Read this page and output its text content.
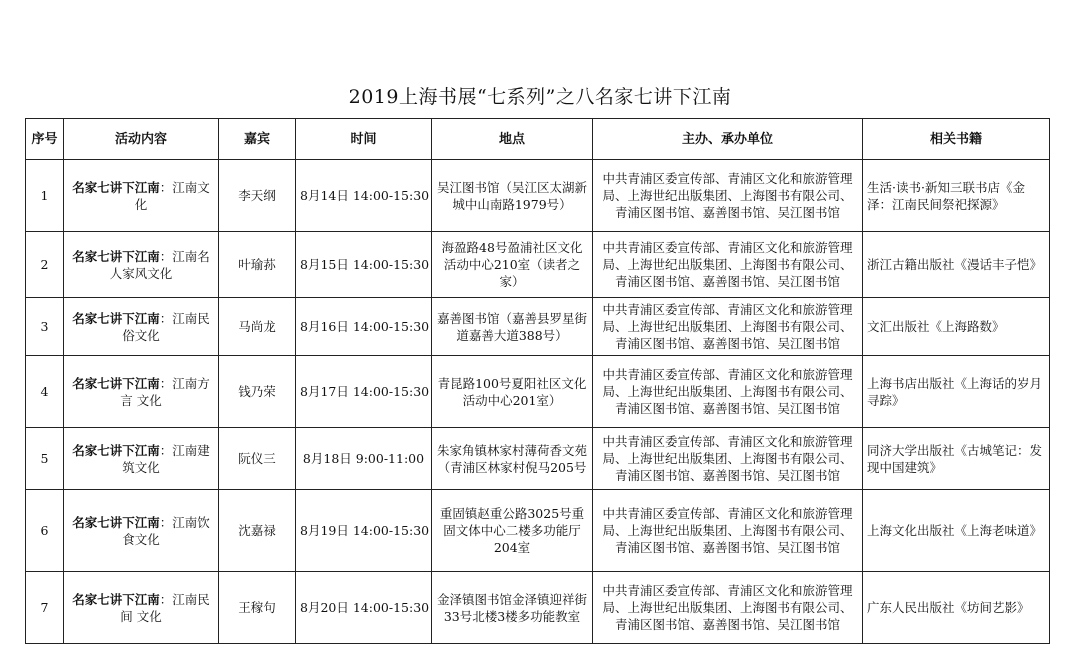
2019上海书展“七系列”之八名家七讲下江南
序号	活动内容	嘉宾	时间	地点	主办、承办单位	相关书籍
1	名家七讲下江南：江南文化	李天纲	8月14日 14:00-15:30	吴江图书馆（吴江区太湖新城中山南路1979号）	中共青浦区委宣传部、青浦区文化和旅游管理局、上海世纪出版集团、上海图书有限公司、青浦区图书馆、嘉善图书馆、吴江图书馆	生活·读书·新知三联书店《金泽：江南民间祭祀探源》
2	名家七讲下江南：江南名人家风文化	叶瑜荪	8月15日 14:00-15:30	海盈路48号盈浦社区文化活动中心210室（读者之家）	中共青浦区委宣传部、青浦区文化和旅游管理局、上海世纪出版集团、上海图书有限公司、青浦区图书馆、嘉善图书馆、吴江图书馆	浙江古籍出版社《漫话丰子恺》
3	名家七讲下江南：江南民俗文化	马尚龙	8月16日 14:00-15:30	嘉善图书馆（嘉善县罗星街道嘉善大道388号）	中共青浦区委宣传部、青浦区文化和旅游管理局、上海世纪出版集团、上海图书有限公司、青浦区图书馆、嘉善图书馆、吴江图书馆	文汇出版社《上海路数》
4	名家七讲下江南：江南方言 文化	钱乃荣	8月17日 14:00-15:30	青昆路100号夏阳社区文化活动中心201室）	中共青浦区委宣传部、青浦区文化和旅游管理局、上海世纪出版集团、上海图书有限公司、青浦区图书馆、嘉善图书馆、吴江图书馆	上海书店出版社《上海话的岁月寻踪》
5	名家七讲下江南：江南建筑文化	阮仪三	8月18日 9:00-11:00	朱家角镇林家村薄荷香文苑（青浦区林家村倪马205号	中共青浦区委宣传部、青浦区文化和旅游管理局、上海世纪出版集团、上海图书有限公司、青浦区图书馆、嘉善图书馆、吴江图书馆	同济大学出版社《古城笔记：发现中国建筑》
6	名家七讲下江南：江南饮食文化	沈嘉禄	8月19日 14:00-15:30	重固镇赵重公路3025号重固文体中心二楼多功能厅204室	中共青浦区委宣传部、青浦区文化和旅游管理局、上海世纪出版集团、上海图书有限公司、青浦区图书馆、嘉善图书馆、吴江图书馆	上海文化出版社《上海老味道》
7	名家七讲下江南：江南民间 文化	王稼句	8月20日 14:00-15:30	金泽镇图书馆金泽镇迎祥街33号北楼3楼多功能教室	中共青浦区委宣传部、青浦区文化和旅游管理局、上海世纪出版集团、上海图书有限公司、青浦区图书馆、嘉善图书馆、吴江图书馆	广东人民出版社《坊间艺影》
